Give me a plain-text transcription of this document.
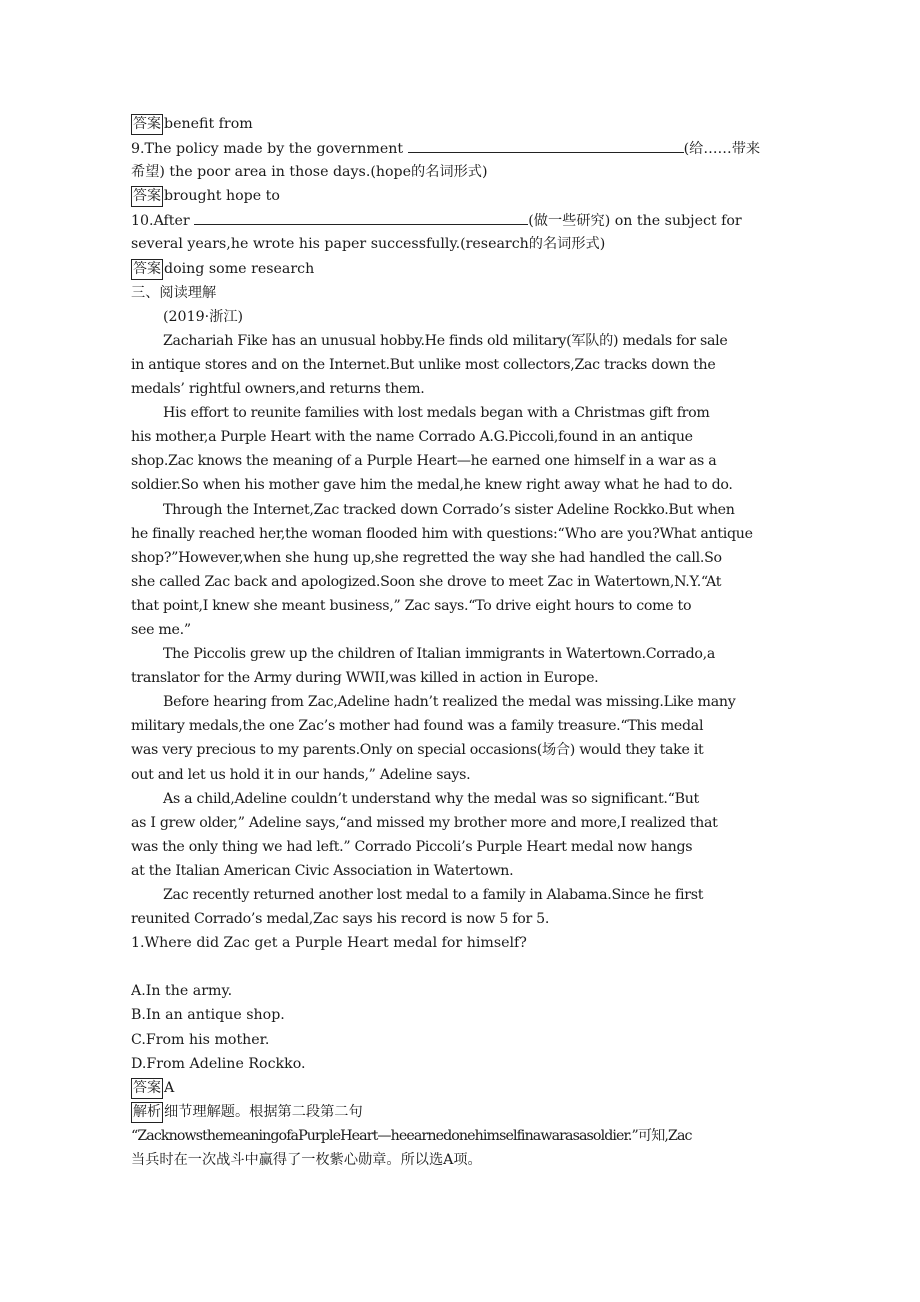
答案 benefit from
9.The policy made by the government	(给……带来
希望) the poor area in those days.(hope的名词形式)
答案 brought hope to
10.After	(做一些研究) on the subject for
several years,he wrote his paper successfully.(research的名词形式)
答案 doing some research
三、阅读理解
(2019·浙江)
Zachariah Fike has an unusual hobby.He finds old military(军队的) medals for sale
in antique stores and on the Internet.But unlike most collectors,Zac tracks down the
medals’ rightful owners,and returns them.
His effort to reunite families with lost medals began with a Christmas gift from
his mother,a Purple Heart with the name Corrado A.G.Piccoli,found in an antique
shop.Zac knows the meaning of a Purple Heart—he earned one himself in a war as a
soldier.So when his mother gave him the medal,he knew right away what he had to do.
Through the Internet,Zac tracked down Corrado’s sister Adeline Rockko.But when
he finally reached her,the woman flooded him with questions:“Who are you?What antique
shop?”However,when she hung up,she regretted the way she had handled the call.So
she called Zac back and apologized.Soon she drove to meet Zac in Watertown,N.Y.“At
that point,I knew she meant business,” Zac says.“To drive eight hours to come to
see me.”
The Piccolis grew up the children of Italian immigrants in Watertown.Corrado,a
translator for the Army during WWII,was killed in action in Europe.
Before hearing from Zac,Adeline hadn’t realized the medal was missing.Like many
military medals,the one Zac’s mother had found was a family treasure.“This medal
was very precious to my parents.Only on special occasions(场合) would they take it
out and let us hold it in our hands,” Adeline says.
As a child,Adeline couldn’t understand why the medal was so significant.“But
as I grew older,” Adeline says,“and missed my brother more and more,I realized that
was the only thing we had left.” Corrado Piccoli’s Purple Heart medal now hangs
at the Italian American Civic Association in Watertown.
Zac recently returned another lost medal to a family in Alabama.Since he first
reunited Corrado’s medal,Zac says his record is now 5 for 5.
1.Where did Zac get a Purple Heart medal for himself?
A.In the army.
B.In an antique shop.
C.From his mother.
D.From Adeline Rockko.
答案 A
解析 细节理解题。根据第二段第二句
“ZacknowsthemeaningofaPurpleHeart—heearnedonehimselfinawarasasoldier.”可知,Zac
当兵时在一次战斗中赢得了一枚紫心勋章。所以选A项。
